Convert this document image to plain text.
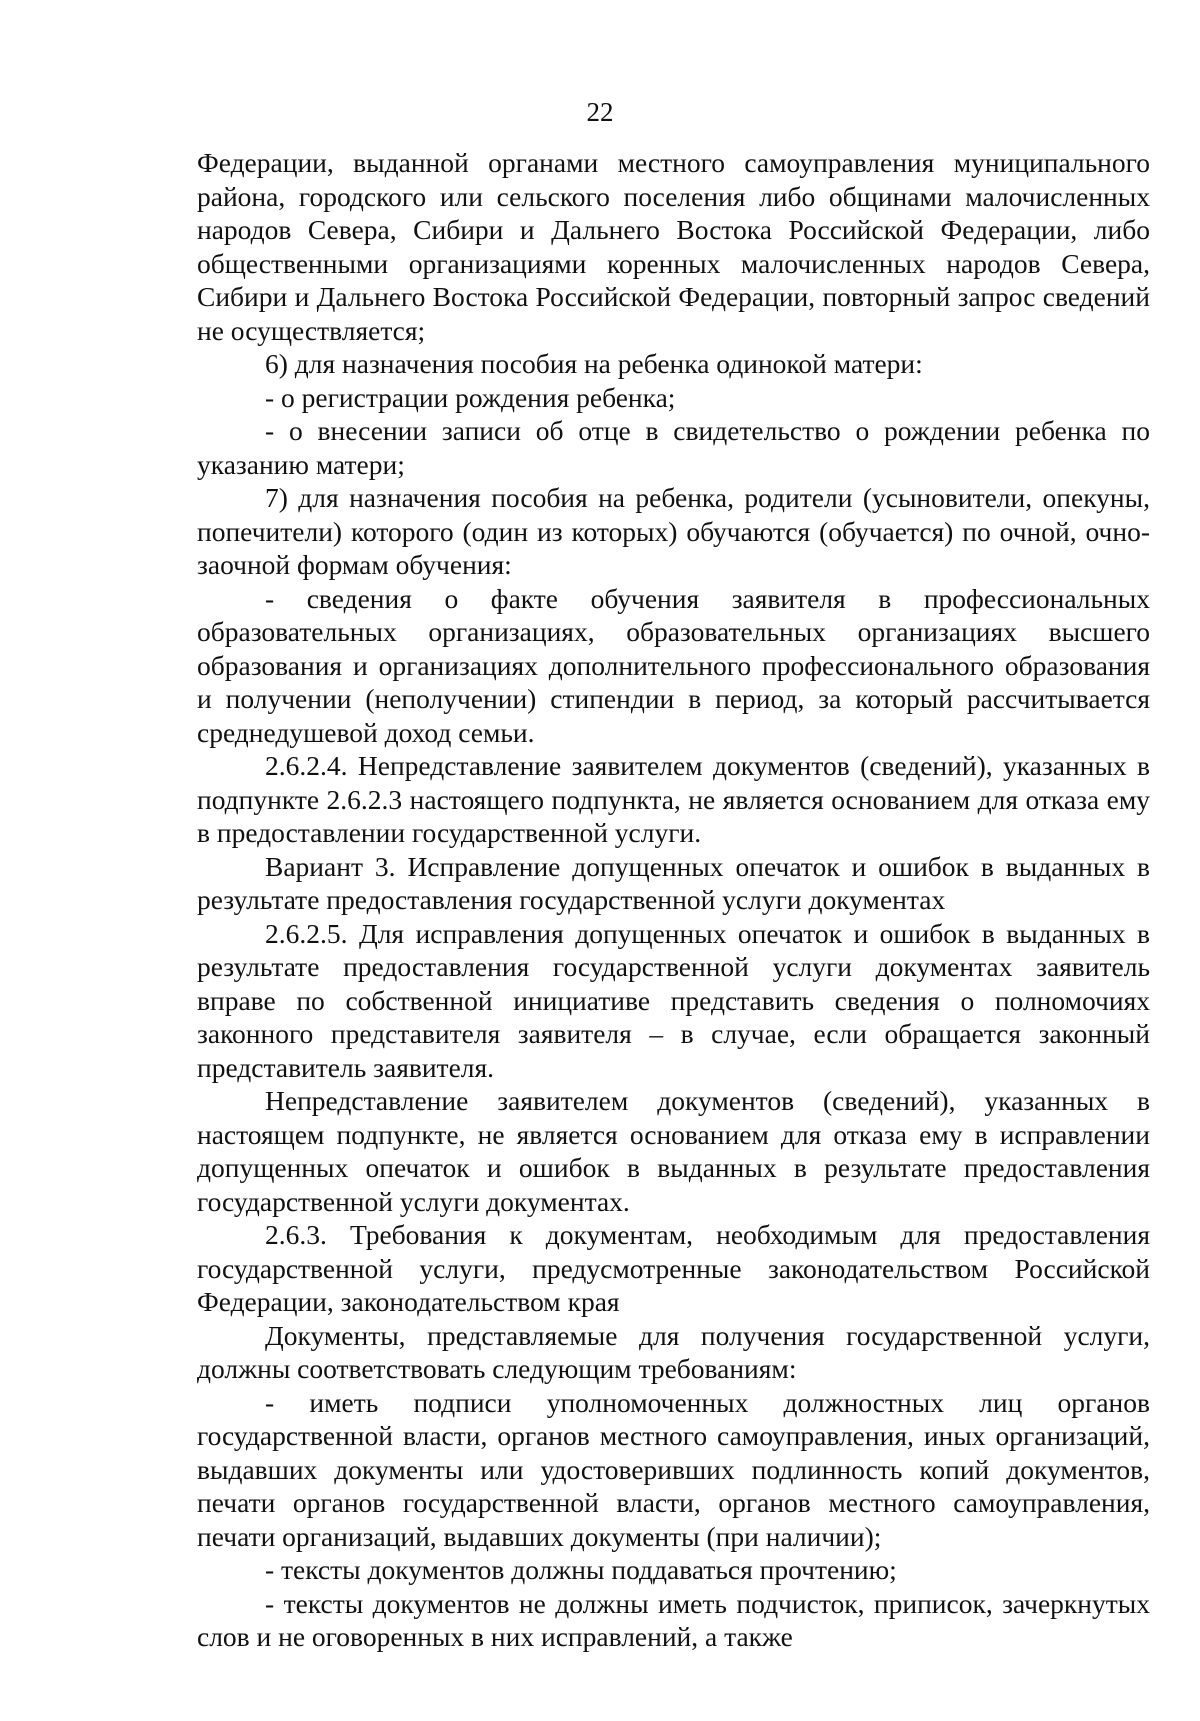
22

Федерации, выданной органами местного самоуправления муниципального района, городского или сельского поселения либо общинами малочисленных народов Севера, Сибири и Дальнего Востока Российской Федерации, либо общественными организациями коренных малочисленных народов Севера, Сибири и Дальнего Востока Российской Федерации, повторный запрос сведений не осуществляется;

6) для назначения пособия на ребенка одинокой матери:

- о регистрации рождения ребенка;

- о внесении записи об отце в свидетельство о рождении ребенка по указанию матери;

7) для назначения пособия на ребенка, родители (усыновители, опекуны, попечители) которого (один из которых) обучаются (обучается) по очной, очно-заочной формам обучения:

- сведения о факте обучения заявителя в профессиональных образовательных организациях, образовательных организациях высшего образования и организациях дополнительного профессионального образования и получении (неполучении) стипендии в период, за который рассчитывается среднедушевой доход семьи.

2.6.2.4. Непредставление заявителем документов (сведений), указанных в подпункте 2.6.2.3 настоящего подпункта, не является основанием для отказа ему в предоставлении государственной услуги.

Вариант 3. Исправление допущенных опечаток и ошибок в выданных в результате предоставления государственной услуги документах

2.6.2.5. Для исправления допущенных опечаток и ошибок в выданных в результате предоставления государственной услуги документах заявитель вправе по собственной инициативе представить сведения о полномочиях законного представителя заявителя – в случае, если обращается законный представитель заявителя.

Непредставление заявителем документов (сведений), указанных в настоящем подпункте, не является основанием для отказа ему в исправлении допущенных опечаток и ошибок в выданных в результате предоставления государственной услуги документах.

2.6.3. Требования к документам, необходимым для предоставления государственной услуги, предусмотренные законодательством Российской Федерации, законодательством края

Документы, представляемые для получения государственной услуги, должны соответствовать следующим требованиям:

- иметь подписи уполномоченных должностных лиц органов государственной власти, органов местного самоуправления, иных организаций, выдавших документы или удостоверивших подлинность копий документов, печати органов государственной власти, органов местного самоуправления, печати организаций, выдавших документы (при наличии);

- тексты документов должны поддаваться прочтению;

- тексты документов не должны иметь подчисток, приписок, зачеркнутых слов и не оговоренных в них исправлений, а также
